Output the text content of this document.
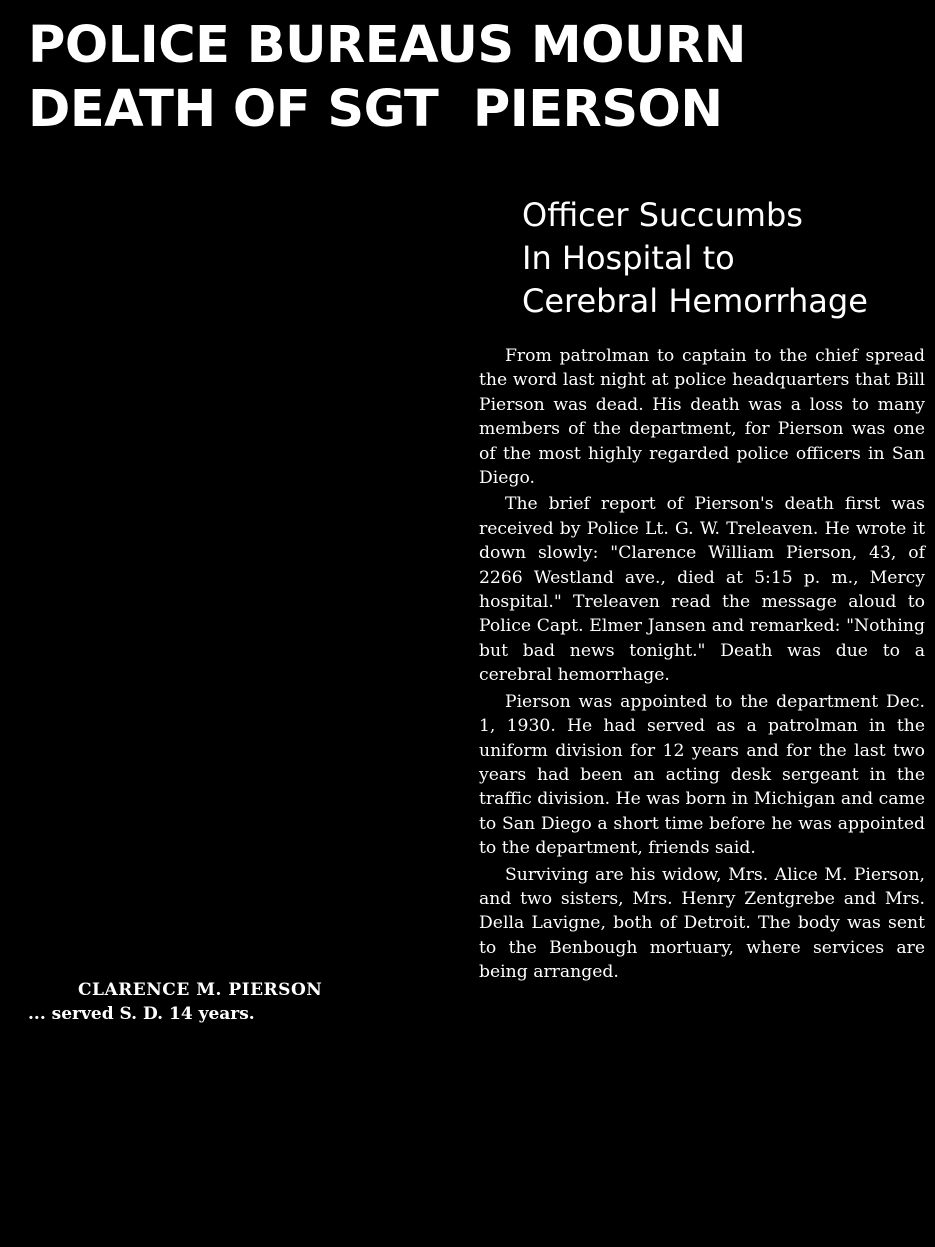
POLICE BUREAUS MOURN
DEATH OF SGT  PIERSON
Officer Succumbs
In Hospital to
Cerebral Hemorrhage
CLARENCE M. PIERSON
... served S. D. 14 years.

From patrolman to captain to the chief spread the word last night at police headquarters that Bill Pierson was dead. His death was a loss to many members of the department, for Pierson was one of the most highly regarded police officers in San Diego.

The brief report of Pierson's death first was received by Police Lt. G. W. Treleaven. He wrote it down slowly: "Clarence William Pierson, 43, of 2266 Westland ave., died at 5:15 p. m., Mercy hospital." Treleaven read the message aloud to Police Capt. Elmer Jansen and remarked: "Nothing but bad news tonight." Death was due to a cerebral hemorrhage.

Pierson was appointed to the department Dec. 1, 1930. He had served as a patrolman in the uniform division for 12 years and for the last two years had been an acting desk sergeant in the traffic division. He was born in Michigan and came to San Diego a short time before he was appointed to the department, friends said.

Surviving are his widow, Mrs. Alice M. Pierson, and two sisters, Mrs. Henry Zentgrebe and Mrs. Della Lavigne, both of Detroit. The body was sent to the Benbough mortuary, where services are being arranged.
